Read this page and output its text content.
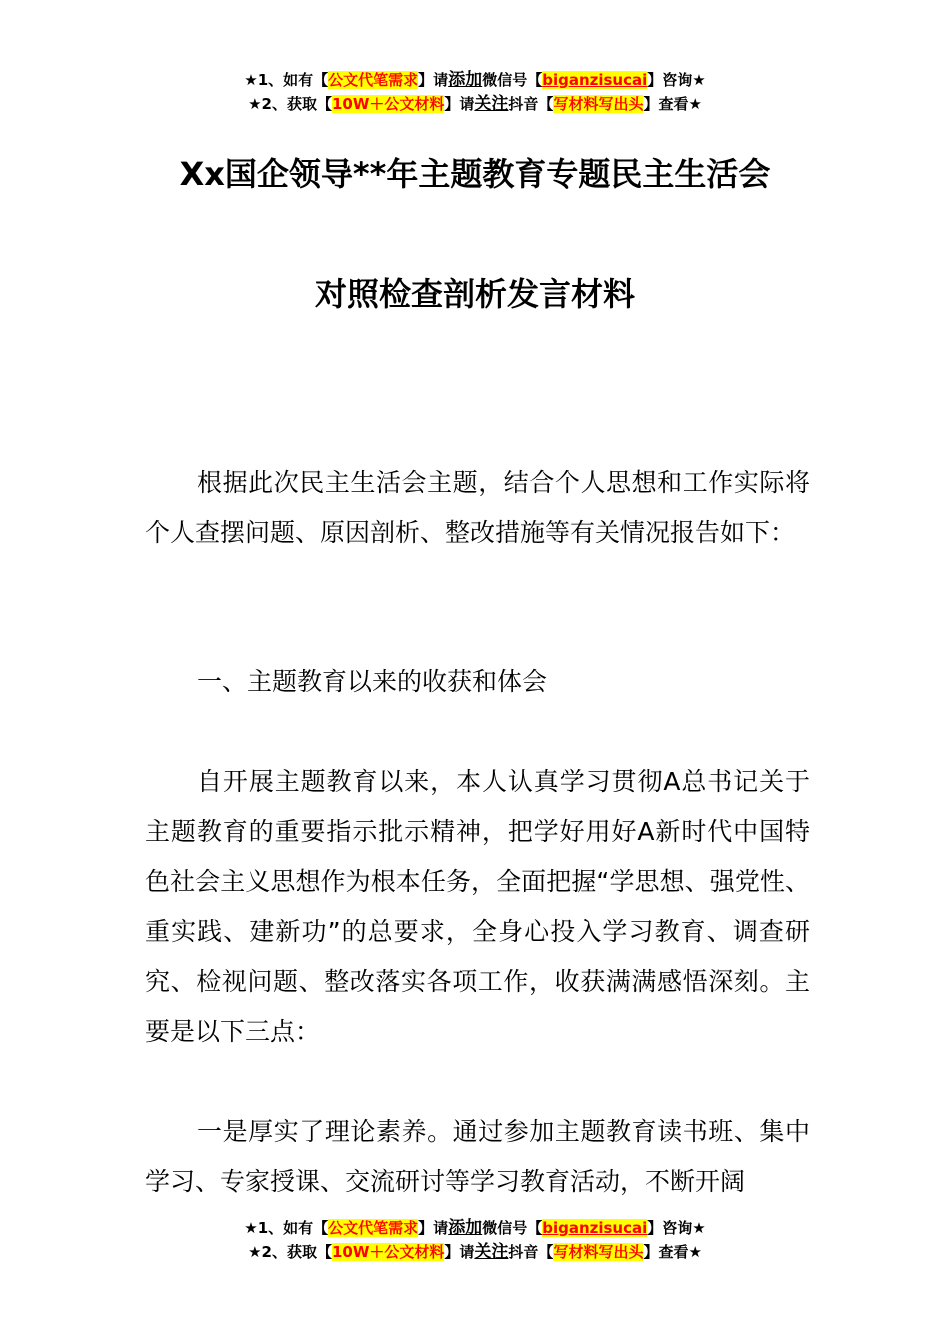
★1、如有【公文代笔需求】请添加微信号【biganzisucai】咨询★
★2、获取【10W＋公文材料】请关注抖音【写材料写出头】查看★
Xx国企领导**年主题教育专题民主生活会
对照检查剖析发言材料

根据此次民主生活会主题，结合个人思想和工作实际将个人查摆问题、原因剖析、整改措施等有关情况报告如下：

一、主题教育以来的收获和体会

自开展主题教育以来，本人认真学习贯彻A总书记关于主题教育的重要指示批示精神，把学好用好A新时代中国特色社会主义思想作为根本任务，全面把握“学思想、强党性、重实践、建新功”的总要求，全身心投入学习教育、调查研究、检视问题、整改落实各项工作，收获满满感悟深刻。主要是以下三点：

一是厚实了理论素养。通过参加主题教育读书班、集中学习、专家授课、交流研讨等学习教育活动，不断开阔

★1、如有【公文代笔需求】请添加微信号【biganzisucai】咨询★
★2、获取【10W＋公文材料】请关注抖音【写材料写出头】查看★
